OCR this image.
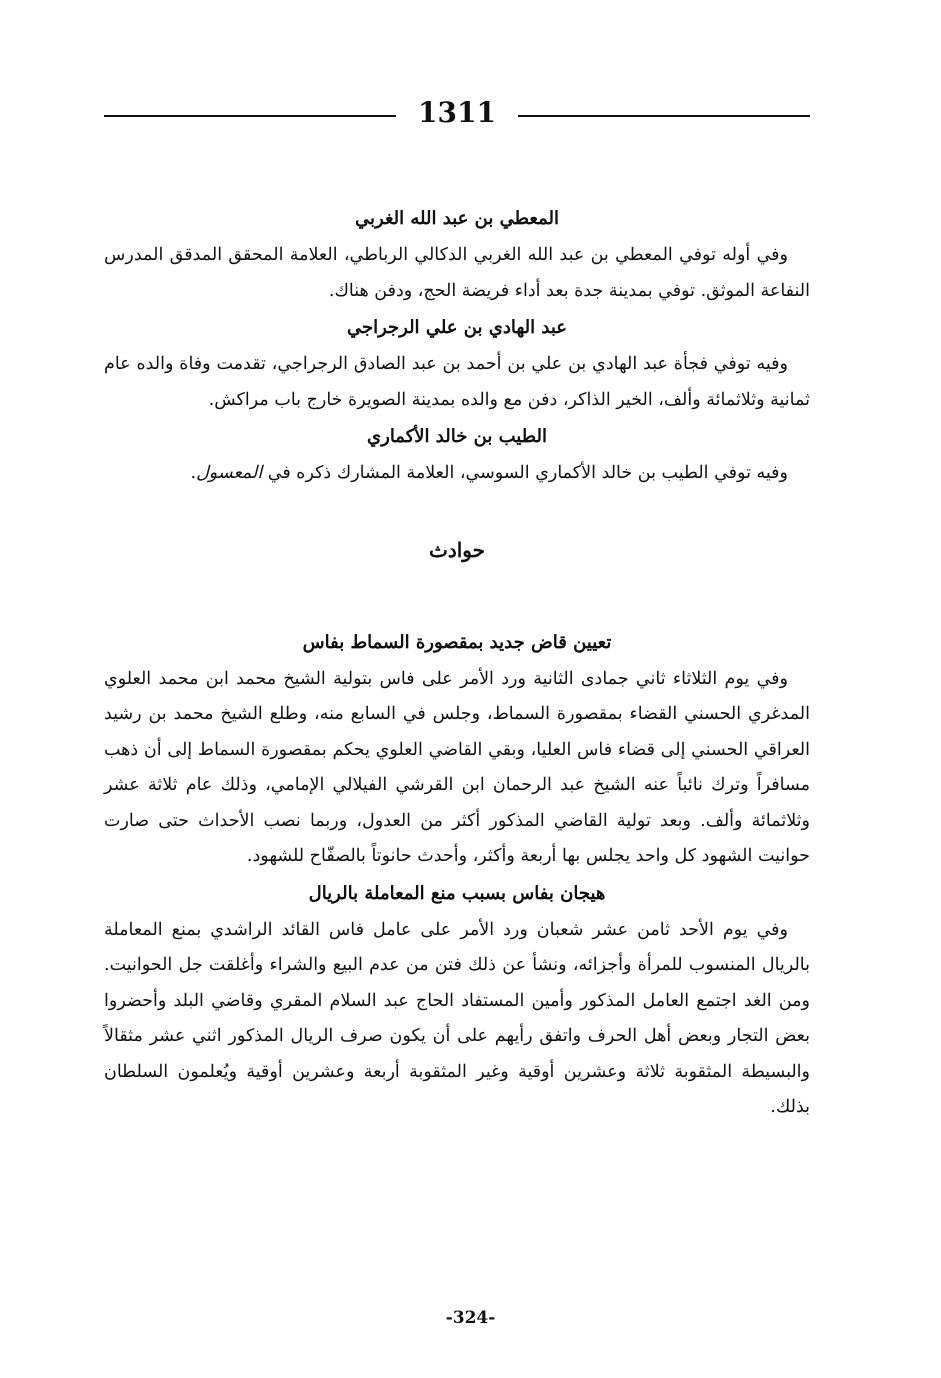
1311
المعطي بن عبد الله الغربي

وفي أوله توفي المعطي بن عبد الله الغربي الدكالي الرباطي، العلامة المحقق المدقق المدرس النفاعة الموثق. توفي بمدينة جدة بعد أداء فريضة الحج، ودفن هناك.

عبد الهادي بن علي الرجراجي

وفيه توفي فجأة عبد الهادي بن علي بن أحمد بن عبد الصادق الرجراجي، تقدمت وفاة والده عام ثمانية وثلاثمائة وألف، الخير الذاكر، دفن مع والده بمدينة الصويرة خارج باب مراكش.

الطيب بن خالد الأكماري

وفيه توفي الطيب بن خالد الأكماري السوسي، العلامة المشارك ذكره في المعسول.

حوادث
تعيين قاض جديد بمقصورة السماط بفاس

وفي يوم الثلاثاء ثاني جمادى الثانية ورد الأمر على فاس بتولية الشيخ محمد ابن محمد العلوي المدغري الحسني القضاء بمقصورة السماط، وجلس في السابع منه، وطلع الشيخ محمد بن رشيد العراقي الحسني إلى قضاء فاس العليا، وبقي القاضي العلوي يحكم بمقصورة السماط إلى أن ذهب مسافراً وترك نائباً عنه الشيخ عبد الرحمان ابن القرشي الفيلالي الإمامي، وذلك عام ثلاثة عشر وثلاثمائة وألف. وبعد تولية القاضي المذكور أكثر من العدول، وربما نصب الأحداث حتى صارت حوانيت الشهود كل واحد يجلس بها أربعة وأكثر، وأحدث حانوتاً بالصفّاح للشهود.

هيجان بفاس بسبب منع المعاملة بالريال

وفي يوم الأحد ثامن عشر شعبان ورد الأمر على عامل فاس القائد الراشدي بمنع المعاملة بالريال المنسوب للمرأة وأجزائه، ونشأ عن ذلك فتن من عدم البيع والشراء وأغلقت جل الحوانيت. ومن الغد اجتمع العامل المذكور وأمين المستفاد الحاج عبد السلام المقري وقاضي البلد وأحضروا بعض التجار وبعض أهل الحرف واتفق رأيهم على أن يكون صرف الريال المذكور اثني عشر مثقالاً والبسيطة المثقوبة ثلاثة وعشرين أوقية وغير المثقوبة أربعة وعشرين أوقية ويُعلمون السلطان بذلك.

-324-
